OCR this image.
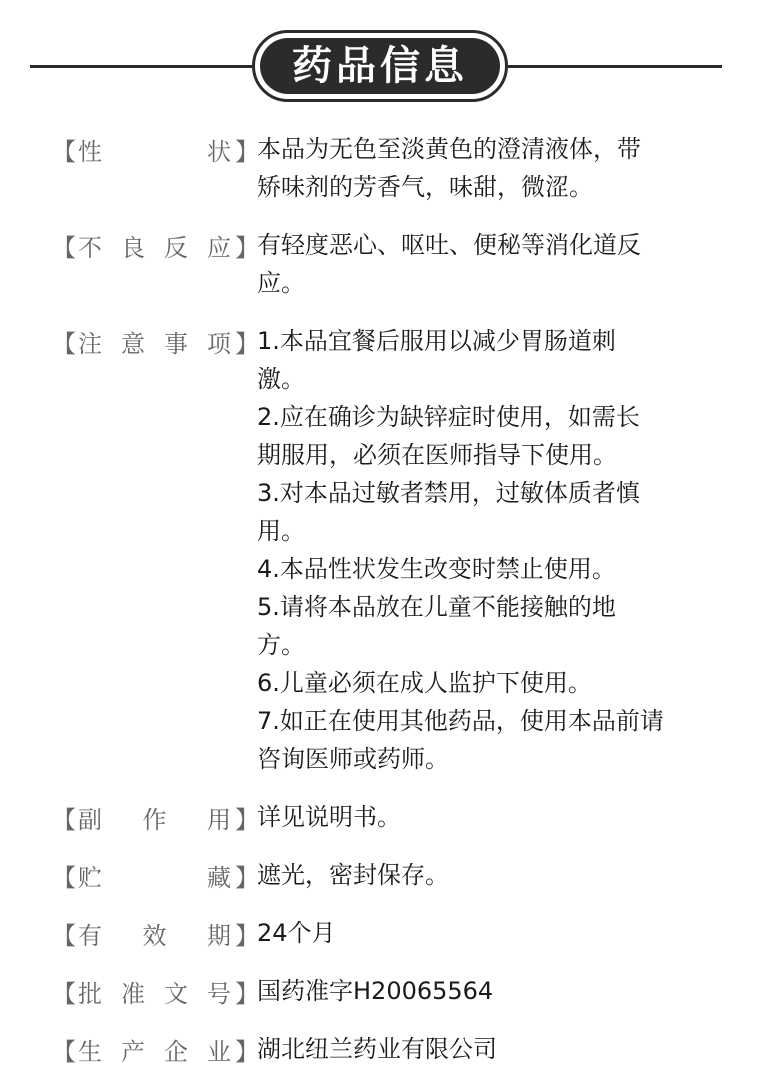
药品信息
【 性	状 】
本品为无色至淡黄色的澄清液体，带
矫味剂的芳香气，味甜，微涩。
【 不 良 反 应 】
有轻度恶心、呕吐、便秘等消化道反
应。
【 注 意 事 项 】
1.本品宜餐后服用以减少胃肠道刺
激。
2.应在确诊为缺锌症时使用，如需长
期服用，必须在医师指导下使用。
3.对本品过敏者禁用，过敏体质者慎
用。
4.本品性状发生改变时禁止使用。
5.请将本品放在儿童不能接触的地
方。
6.儿童必须在成人监护下使用。
7.如正在使用其他药品，使用本品前请
咨询医师或药师。
【 副 作 用 】
详见说明书。
【 贮	藏 】
遮光，密封保存。
【 有 效 期 】
24个月
【 批 准 文 号 】
国药准字H20065564
【 生 产 企 业 】
湖北纽兰药业有限公司
